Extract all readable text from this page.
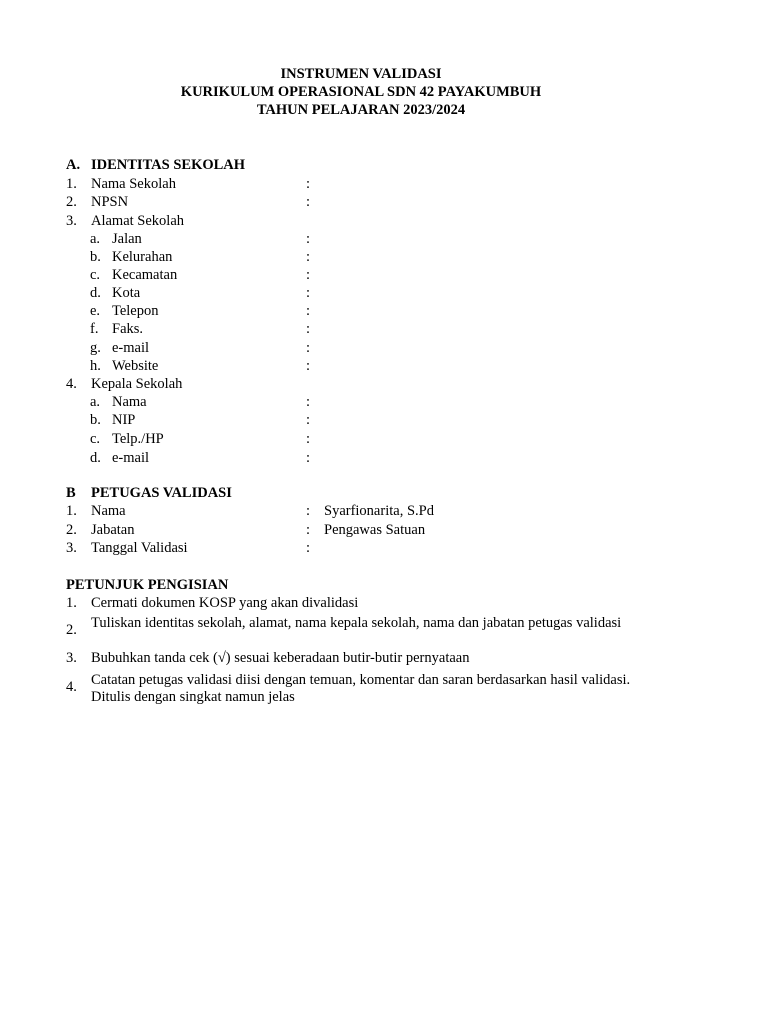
INSTRUMEN VALIDASI
KURIKULUM OPERASIONAL SDN 42 PAYAKUMBUH
TAHUN PELAJARAN 2023/2024
A. IDENTITAS SEKOLAH
1. Nama Sekolah	:
2. NPSN	:
3. Alamat Sekolah
a. Jalan	:
b. Kelurahan	:
c. Kecamatan	:
d. Kota	:
e. Telepon	:
f. Faks.	:
g. e-mail	:
h. Website	:
4. Kepala Sekolah
a. Nama	:
b. NIP	:
c. Telp./HP	:
d. e-mail	:
B PETUGAS VALIDASI
1. Nama	: Syarfionarita, S.Pd
2. Jabatan	: Pengawas Satuan
3. Tanggal Validasi	:
PETUNJUK PENGISIAN
1. Cermati dokumen KOSP yang akan divalidasi
2. Tuliskan identitas sekolah, alamat, nama kepala sekolah, nama dan jabatan petugas validasi
3. Bubuhkan tanda cek (√) sesuai keberadaan butir-butir pernyataan
4. Catatan petugas validasi diisi dengan temuan, komentar dan saran berdasarkan hasil validasi. Ditulis dengan singkat namun jelas
